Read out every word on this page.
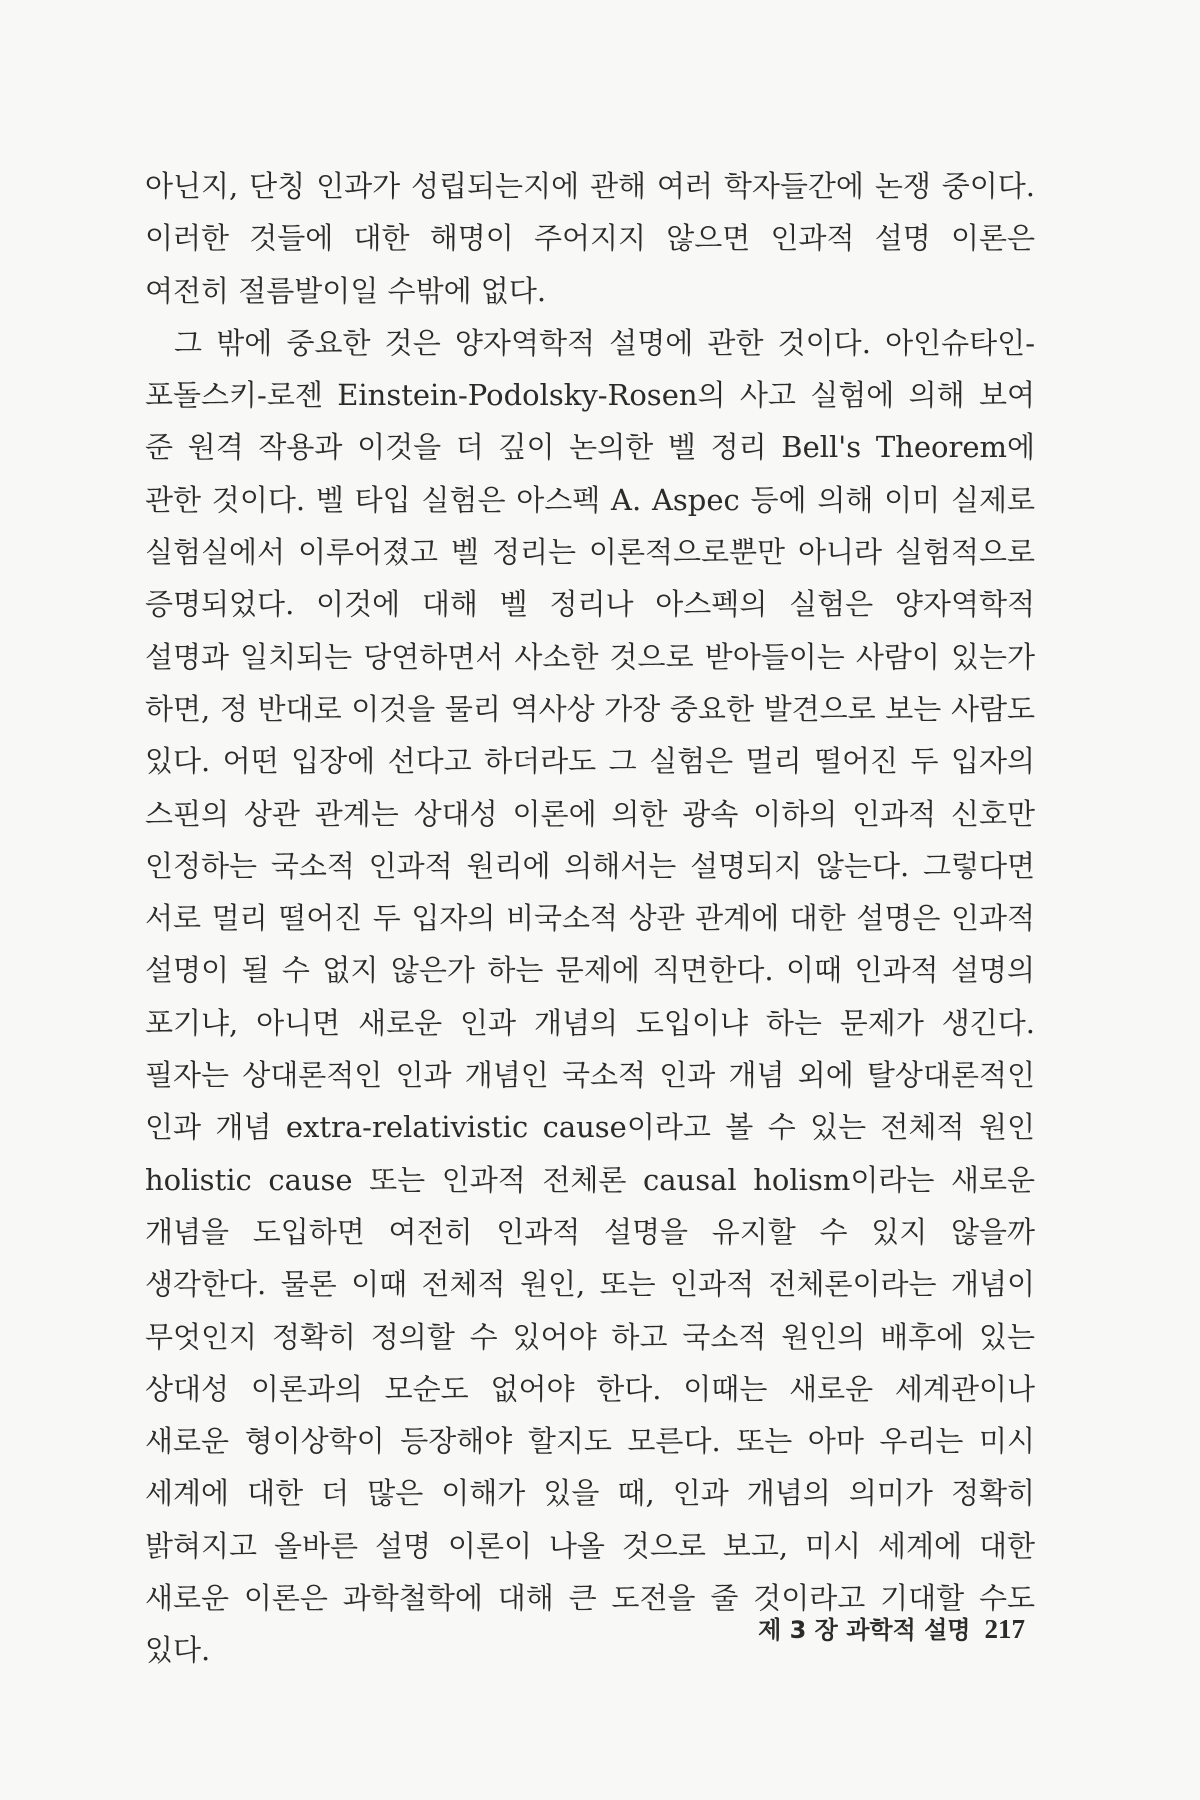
아닌지, 단칭 인과가 성립되는지에 관해 여러 학자들간에 논쟁 중이다. 이러한 것들에 대한 해명이 주어지지 않으면 인과적 설명 이론은 여전히 절름발이일 수밖에 없다.

그 밖에 중요한 것은 양자역학적 설명에 관한 것이다. 아인슈타인-포돌스키-로젠 Einstein-Podolsky-Rosen의 사고 실험에 의해 보여 준 원격 작용과 이것을 더 깊이 논의한 벨 정리 Bell's Theorem에 관한 것이다. 벨 타입 실험은 아스펙 A. Aspec 등에 의해 이미 실제로 실험실에서 이루어졌고 벨 정리는 이론적으로뿐만 아니라 실험적으로 증명되었다. 이것에 대해 벨 정리나 아스펙의 실험은 양자역학적 설명과 일치되는 당연하면서 사소한 것으로 받아들이는 사람이 있는가 하면, 정 반대로 이것을 물리 역사상 가장 중요한 발견으로 보는 사람도 있다. 어떤 입장에 선다고 하더라도 그 실험은 멀리 떨어진 두 입자의 스핀의 상관 관계는 상대성 이론에 의한 광속 이하의 인과적 신호만 인정하는 국소적 인과적 원리에 의해서는 설명되지 않는다. 그렇다면 서로 멀리 떨어진 두 입자의 비국소적 상관 관계에 대한 설명은 인과적 설명이 될 수 없지 않은가 하는 문제에 직면한다. 이때 인과적 설명의 포기냐, 아니면 새로운 인과 개념의 도입이냐 하는 문제가 생긴다. 필자는 상대론적인 인과 개념인 국소적 인과 개념 외에 탈상대론적인 인과 개념 extra-relativistic cause이라고 볼 수 있는 전체적 원인 holistic cause 또는 인과적 전체론 causal holism이라는 새로운 개념을 도입하면 여전히 인과적 설명을 유지할 수 있지 않을까 생각한다. 물론 이때 전체적 원인, 또는 인과적 전체론이라는 개념이 무엇인지 정확히 정의할 수 있어야 하고 국소적 원인의 배후에 있는 상대성 이론과의 모순도 없어야 한다. 이때는 새로운 세계관이나 새로운 형이상학이 등장해야 할지도 모른다. 또는 아마 우리는 미시 세계에 대한 더 많은 이해가 있을 때, 인과 개념의 의미가 정확히 밝혀지고 올바른 설명 이론이 나올 것으로 보고, 미시 세계에 대한 새로운 이론은 과학철학에 대해 큰 도전을 줄 것이라고 기대할 수도 있다.

제 3 장 과학적 설명 217
